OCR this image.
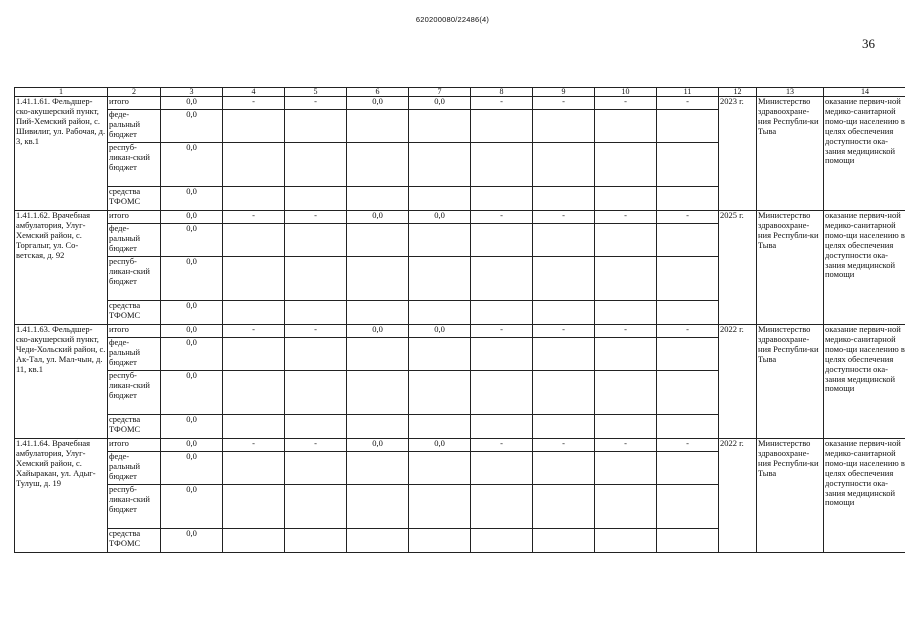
620200080/22486(4)
36
1	2	3	4	5	6	7	8	9	10	11	12	13	14
1.41.1.61. Фельдшер-ско-акушерский пункт, Пий-Хемский район, с. Шивилиг, ул. Рабочая, д. 3, кв.1	итого	0,0	-	-	0,0	0,0	-	-	-	-	2023 г.	Министерство здравоохране-ния Республи-ки Тыва	оказание первич-ной медико-санитарной помо-щи населению в целях обеспечения доступности ока-зания медицинской помощи
	феде-ральный бюджет	0,0											
	респуб-ликан-ский бюджет	0,0											
	средства ТФОМС	0,0											
1.41.1.62. Врачебная амбулатория, Улуг-Хемский район, с. Торгалыг, ул. Со-ветская, д. 92	итого	0,0	-	-	0,0	0,0	-	-	-	-	2025 г.	Министерство здравоохране-ния Республи-ки Тыва	оказание первич-ной медико-санитарной помо-щи населению в целях обеспечения доступности ока-зания медицинской помощи
	феде-ральный бюджет	0,0											
	респуб-ликан-ский бюджет	0,0											
	средства ТФОМС	0,0											
1.41.1.63. Фельдшер-ско-акушерский пункт, Чеди-Хольский район, с. Ак-Тал, ул. Мал-чын, д. 11, кв.1	итого	0,0	-	-	0,0	0,0	-	-	-	-	2022 г.	Министерство здравоохране-ния Республи-ки Тыва	оказание первич-ной медико-санитарной помо-щи населению в целях обеспечения доступности ока-зания медицинской помощи
	феде-ральный бюджет	0,0											
	респуб-ликан-ский бюджет	0,0											
	средства ТФОМС	0,0											
1.41.1.64. Врачебная амбулатория, Улуг-Хемский район, с. Хайыракан, ул. Адыг-Тулуш, д. 19	итого	0,0	-	-	0,0	0,0	-	-	-	-	2022 г.	Министерство здравоохране-ния Республи-ки Тыва	оказание первич-ной медико-санитарной помо-щи населению в целях обеспечения доступности ока-зания медицинской помощи
	феде-ральный бюджет	0,0											
	респуб-ликан-ский бюджет	0,0											
	средства ТФОМС	0,0											
